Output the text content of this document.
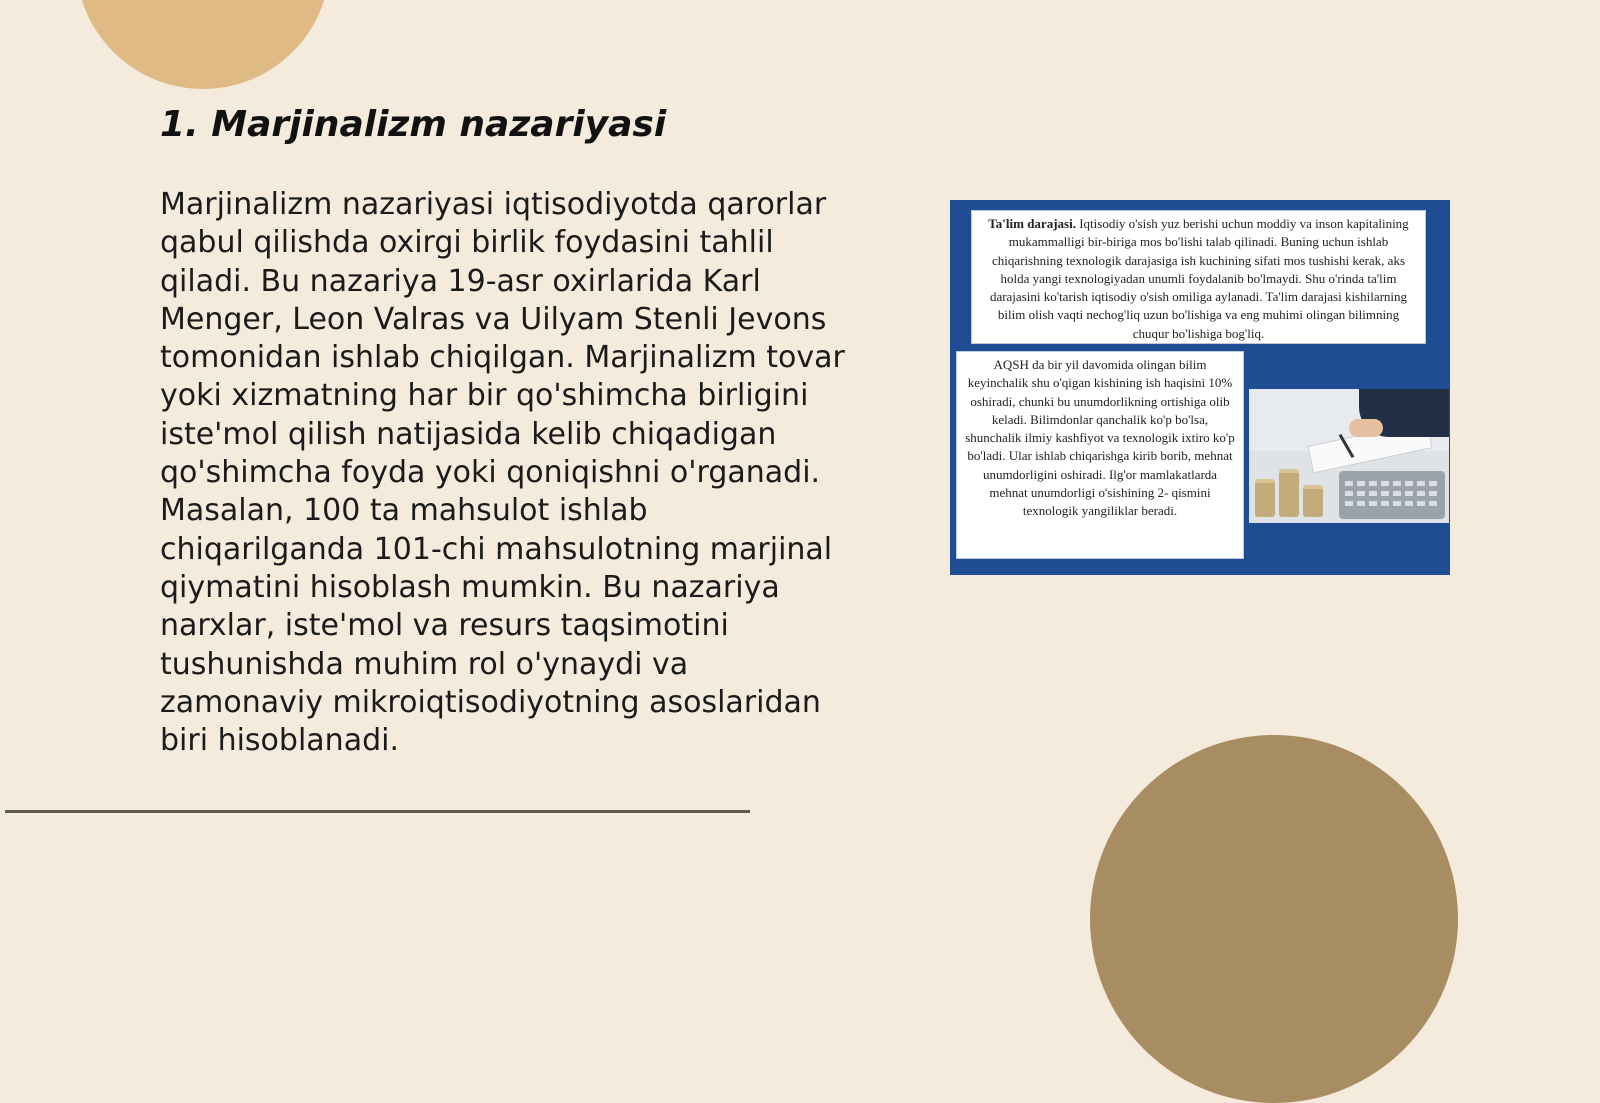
1. Marjinalizm nazariyasi

Marjinalizm nazariyasi iqtisodiyotda qarorlar qabul qilishda oxirgi birlik foydasini tahlil qiladi. Bu nazariya 19-asr oxirlarida Karl Menger, Leon Valras va Uilyam Stenli Jevons tomonidan ishlab chiqilgan. Marjinalizm tovar yoki xizmatning har bir qo'shimcha birligini iste'mol qilish natijasida kelib chiqadigan qo'shimcha foyda yoki qoniqishni o'rganadi. Masalan, 100 ta mahsulot ishlab chiqarilganda 101-chi mahsulotning marjinal qiymatini hisoblash mumkin. Bu nazariya narxlar, iste'mol va resurs taqsimotini tushunishda muhim rol o'ynaydi va zamonaviy mikroiqtisodiyotning asoslaridan biri hisoblanadi.

Ta'lim darajasi. Iqtisodiy o'sish yuz berishi uchun moddiy va inson kapitalining mukammalligi bir-biriga mos bo'lishi talab qilinadi. Buning uchun ishlab chiqarishning texnologik darajasiga ish kuchining sifati mos tushishi kerak, aks holda yangi texnologiyadan unumli foydalanib bo'lmaydi. Shu o'rinda ta'lim darajasini ko'tarish iqtisodiy o'sish omiliga aylanadi. Ta'lim darajasi kishilarning bilim olish vaqti nechog'liq uzun bo'lishiga va eng muhimi olingan bilimning chuqur bo'lishiga bog'liq.
AQSH da bir yil davomida olingan bilim keyinchalik shu o'qigan kishining ish haqisini 10% oshiradi, chunki bu unumdorlikning ortishiga olib keladi. Bilimdonlar qanchalik ko'p bo'lsa, shunchalik ilmiy kashfiyot va texnologik ixtiro ko'p bo'ladi. Ular ishlab chiqarishga kirib borib, mehnat unumdorligini oshiradi. Ilg'or mamlakatlarda mehnat unumdorligi o'sishining 2- qismini texnologik yangiliklar beradi.
